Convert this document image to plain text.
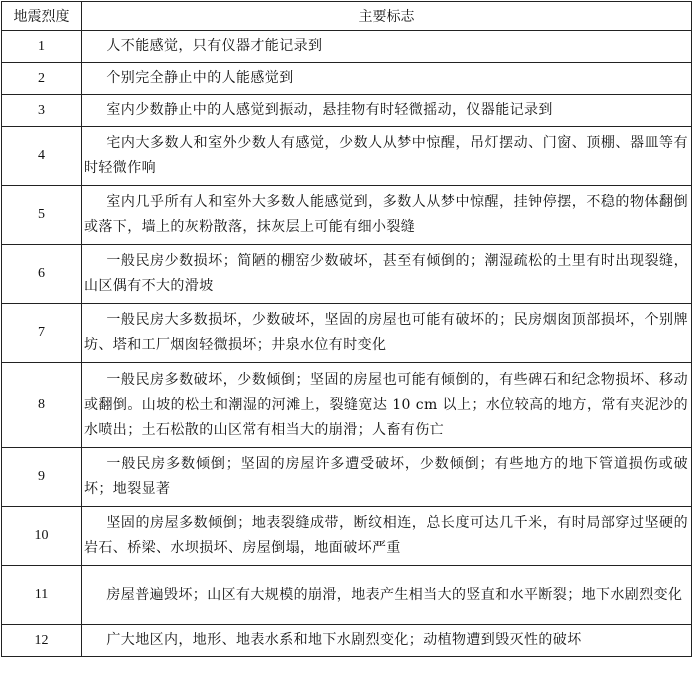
地震烈度	主要标志
1	人不能感觉，只有仪器才能记录到
2	个别完全静止中的人能感觉到
3	室内少数静止中的人感觉到振动，悬挂物有时轻微摇动，仪器能记录到
4	宅内大多数人和室外少数人有感觉，少数人从梦中惊醒，吊灯摆动、门窗、顶棚、器皿等有时轻微作响
5	室内几乎所有人和室外大多数人能感觉到，多数人从梦中惊醒，挂钟停摆，不稳的物体翻倒或落下，墙上的灰粉散落，抹灰层上可能有细小裂缝
6	一般民房少数损坏；简陋的棚窑少数破坏，甚至有倾倒的；潮湿疏松的土里有时出现裂缝，山区偶有不大的滑坡
7	一般民房大多数损坏，少数破坏，坚固的房屋也可能有破坏的；民房烟囱顶部损坏，个别牌坊、塔和工厂烟囱轻微损坏；井泉水位有时变化
8	一般民房多数破坏，少数倾倒；坚固的房屋也可能有倾倒的，有些碑石和纪念物损坏、移动或翻倒。山坡的松土和潮湿的河滩上，裂缝宽达 10 cm 以上；水位较高的地方，常有夹泥沙的水喷出；土石松散的山区常有相当大的崩滑；人畜有伤亡
9	一般民房多数倾倒；坚固的房屋许多遭受破坏，少数倾倒；有些地方的地下管道损伤或破坏；地裂显著
10	坚固的房屋多数倾倒；地表裂缝成带，断纹相连，总长度可达几千米，有时局部穿过坚硬的岩石、桥梁、水坝损坏、房屋倒塌，地面破坏严重
11	房屋普遍毁坏；山区有大规模的崩滑，地表产生相当大的竖直和水平断裂；地下水剧烈变化
12	广大地区内，地形、地表水系和地下水剧烈变化；动植物遭到毁灭性的破坏
